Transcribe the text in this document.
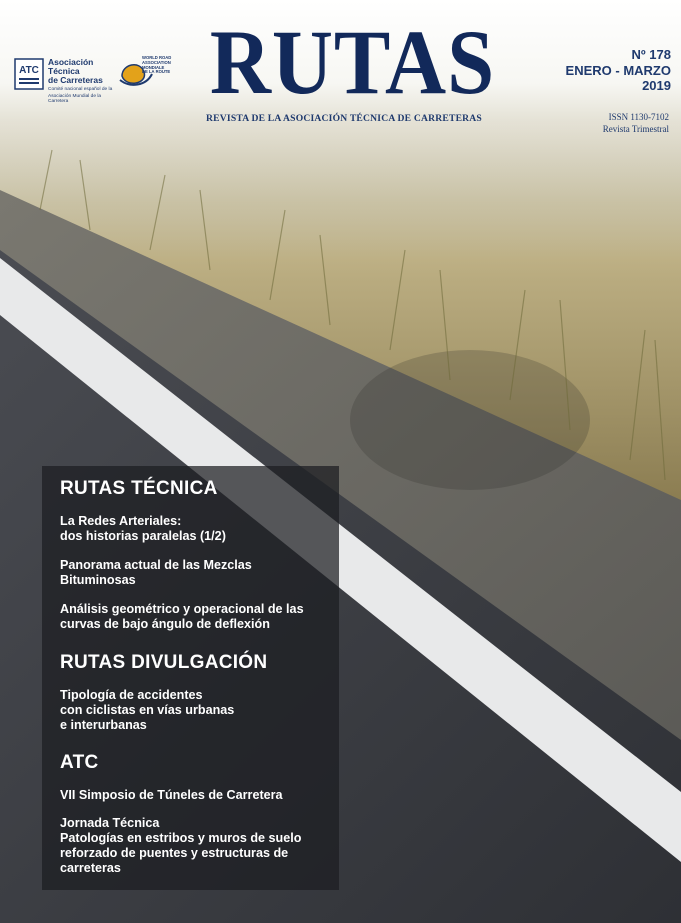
ATC
Asociación Técnica
de Carreteras
Comité nacional español de la
Asociación Mundial de la Carretera
WORLD ROAD
ASSOCIATION
MONDIALE
DE LA ROUTE RUTAS
REVISTA DE LA ASOCIACIÓN TÉCNICA DE CARRETERAS
Nº 178
ENERO - MARZO
2019
ISSN 1130-7102
Revista Trimestral
RUTAS TÉCNICA
La Redes Arteriales:
dos historias paralelas (1/2)
Panorama actual de las Mezclas
Bituminosas
Análisis geométrico y operacional de las
curvas de bajo ángulo de deflexión
RUTAS DIVULGACIÓN
Tipología de accidentes
con ciclistas en vías urbanas
e interurbanas
ATC
VII Simposio de Túneles de Carretera
Jornada Técnica
Patologías en estribos y muros de suelo
reforzado de puentes y estructuras de
carreteras
